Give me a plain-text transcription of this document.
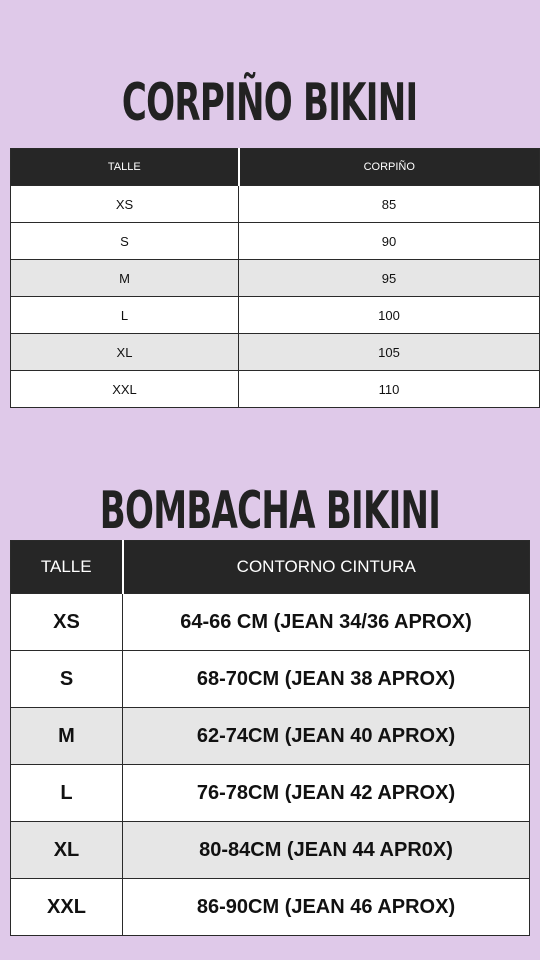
CORPIÑO BIKINI
TALLE	CORPIÑO
XS	85
S	90
M	95
L	100
XL	105
XXL	110
BOMBACHA BIKINI
TALLE	CONTORNO CINTURA
XS	64-66 CM (JEAN 34/36 APROX)
S	68-70CM (JEAN 38 APROX)
M	62-74CM (JEAN 40 APROX)
L	76-78CM (JEAN 42 APROX)
XL	80-84CM (JEAN 44 APR0X)
XXL	86-90CM (JEAN 46 APROX)
